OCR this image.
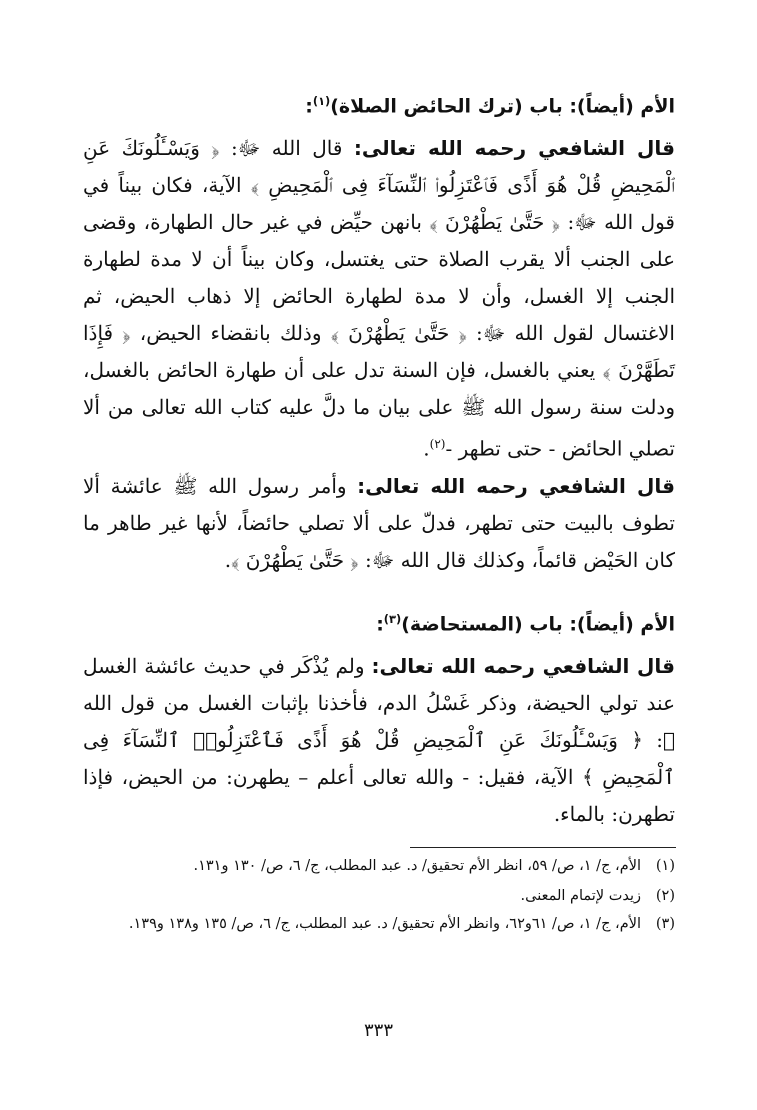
الأم (أيضاً): باب (ترك الحائض الصلاة)$^{(١)}$:
قال الشافعي رحمه الله تعالى: قال الله ﷻ: ﴿ وَيَسْـَٔلُونَكَ عَنِ ٱلْمَحِيضِ قُلْ هُوَ أَذًى فَٱعْتَزِلُوا۟ ٱلنِّسَآءَ فِى ٱلْمَحِيضِ ﴾ الآية، فكان بيناً في قول الله ﷻ: ﴿ حَتَّىٰ يَطْهُرْنَ ﴾ بانهن حيِّض في غير حال الطهارة، وقضى على الجنب ألا يقرب الصلاة حتى يغتسل، وكان بيناً أن لا مدة لطهارة الجنب إلا الغسل، وأن لا مدة لطهارة الحائض إلا ذهاب الحيض، ثم الاغتسال لقول الله ﷻ: ﴿ حَتَّىٰ يَطْهُرْنَ ﴾ وذلك بانقضاء الحيض، ﴿ فَإِذَا تَطَهَّرْنَ ﴾ يعني بالغسل، فإن السنة تدل على أن طهارة الحائض بالغسل، ودلت سنة رسول الله ﷺ على بيان ما دلَّ عليه كتاب الله تعالى من ألا تصلي الحائض - حتى تطهر -$^{(٢)}$.
قال الشافعي رحمه الله تعالى: وأمر رسول الله ﷺ عائشة ألا تطوف بالبيت حتى تطهر، فدلّ على ألا تصلي حائضاً، لأنها غير طاهر ما كان الحَيْض قائماً، وكذلك قال الله ﷻ: ﴿ حَتَّىٰ يَطْهُرْنَ ﴾.
الأم (أيضاً): باب (المستحاضة)$^{(٣)}$:
قال الشافعي رحمه الله تعالى: ولم يُذْكَر في حديث عائشة الغسل عند تولي الحيضة، وذكر غَسْلُ الدم، فأخذنا بإثبات الغسل من قول الله ﷻ: ﴿ وَيَسْـَٔلُونَكَ عَنِ ٱلْمَحِيضِ قُلْ هُوَ أَذًى فَٱعْتَزِلُوا۟ ٱلنِّسَآءَ فِى ٱلْمَحِيضِ ﴾ الآية، فقيل: - والله تعالى أعلم – يطهرن: من الحيض، فإذا تطهرن: بالماء.
(١)الأم، ج/ ١، ص/ ٥٩، انظر الأم تحقيق/ د. عبد المطلب، ج/ ٦، ص/ ١٣٠ و١٣١.
(٢)زيدت لإتمام المعنى.
(٣)الأم، ج/ ١، ص/ ٦١و٦٢، وانظر الأم تحقيق/ د. عبد المطلب، ج/ ٦، ص/ ١٣٥ و١٣٨ و١٣٩.
٣٣٣
